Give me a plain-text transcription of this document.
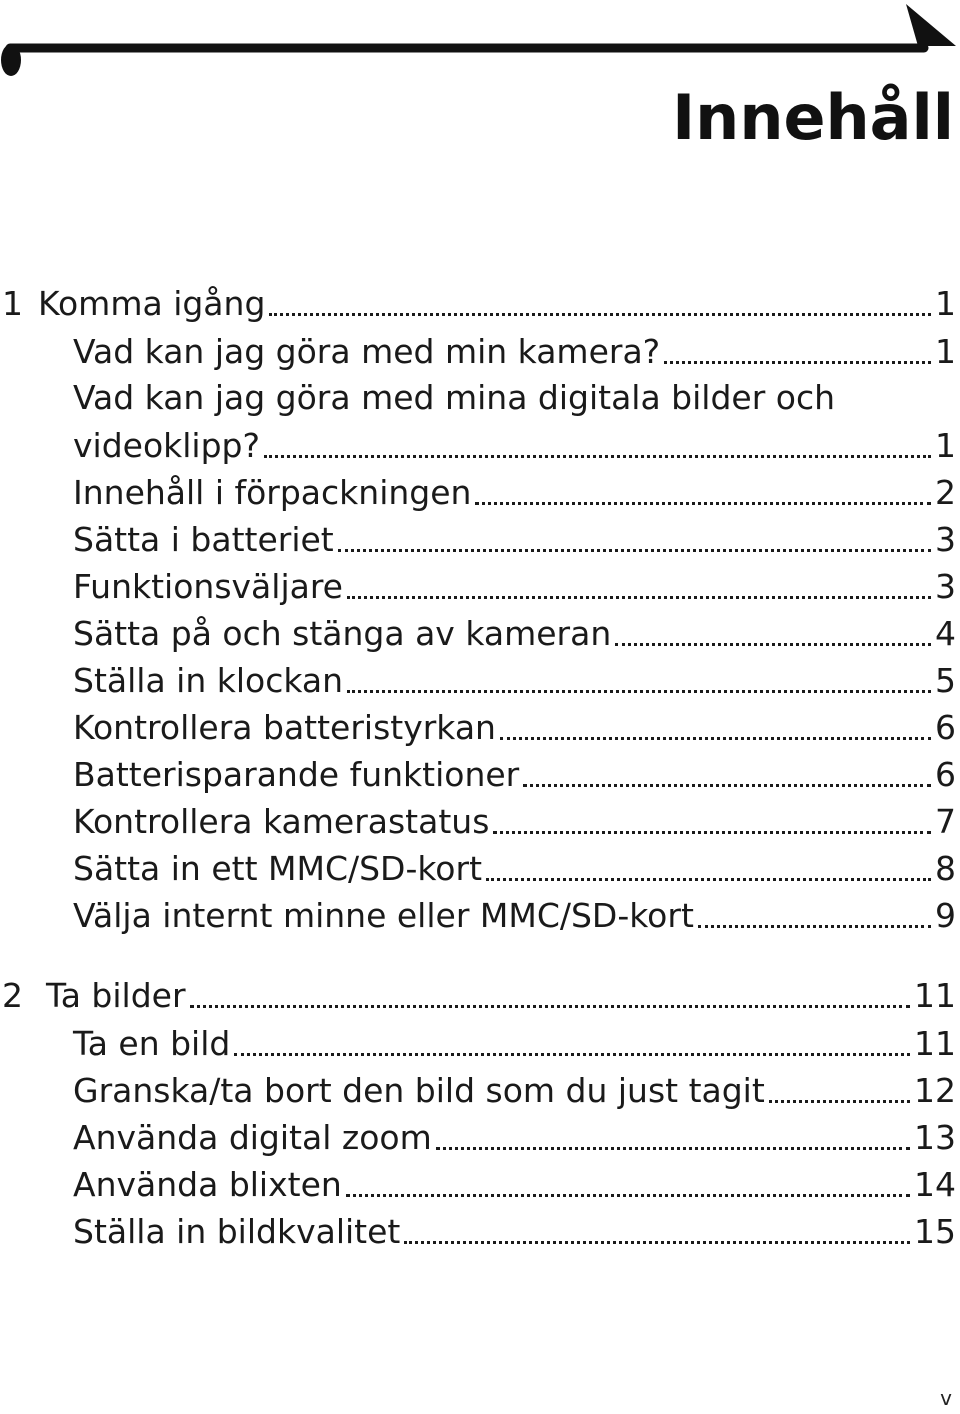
Innehåll
1 Komma igång	1
Vad kan jag göra med min kamera?	1
Vad kan jag göra med mina digitala bilder och
videoklipp?	1
Innehåll i förpackningen	2
Sätta i batteriet	3
Funktionsväljare	3
Sätta på och stänga av kameran	4
Ställa in klockan	5
Kontrollera batteristyrkan	6
Batterisparande funktioner	6
Kontrollera kamerastatus	7
Sätta in ett MMC/SD-kort	8
Välja internt minne eller MMC/SD-kort	9
2 Ta bilder	11
Ta en bild	11
Granska/ta bort den bild som du just tagit	12
Använda digital zoom	13
Använda blixten	14
Ställa in bildkvalitet	15
v
